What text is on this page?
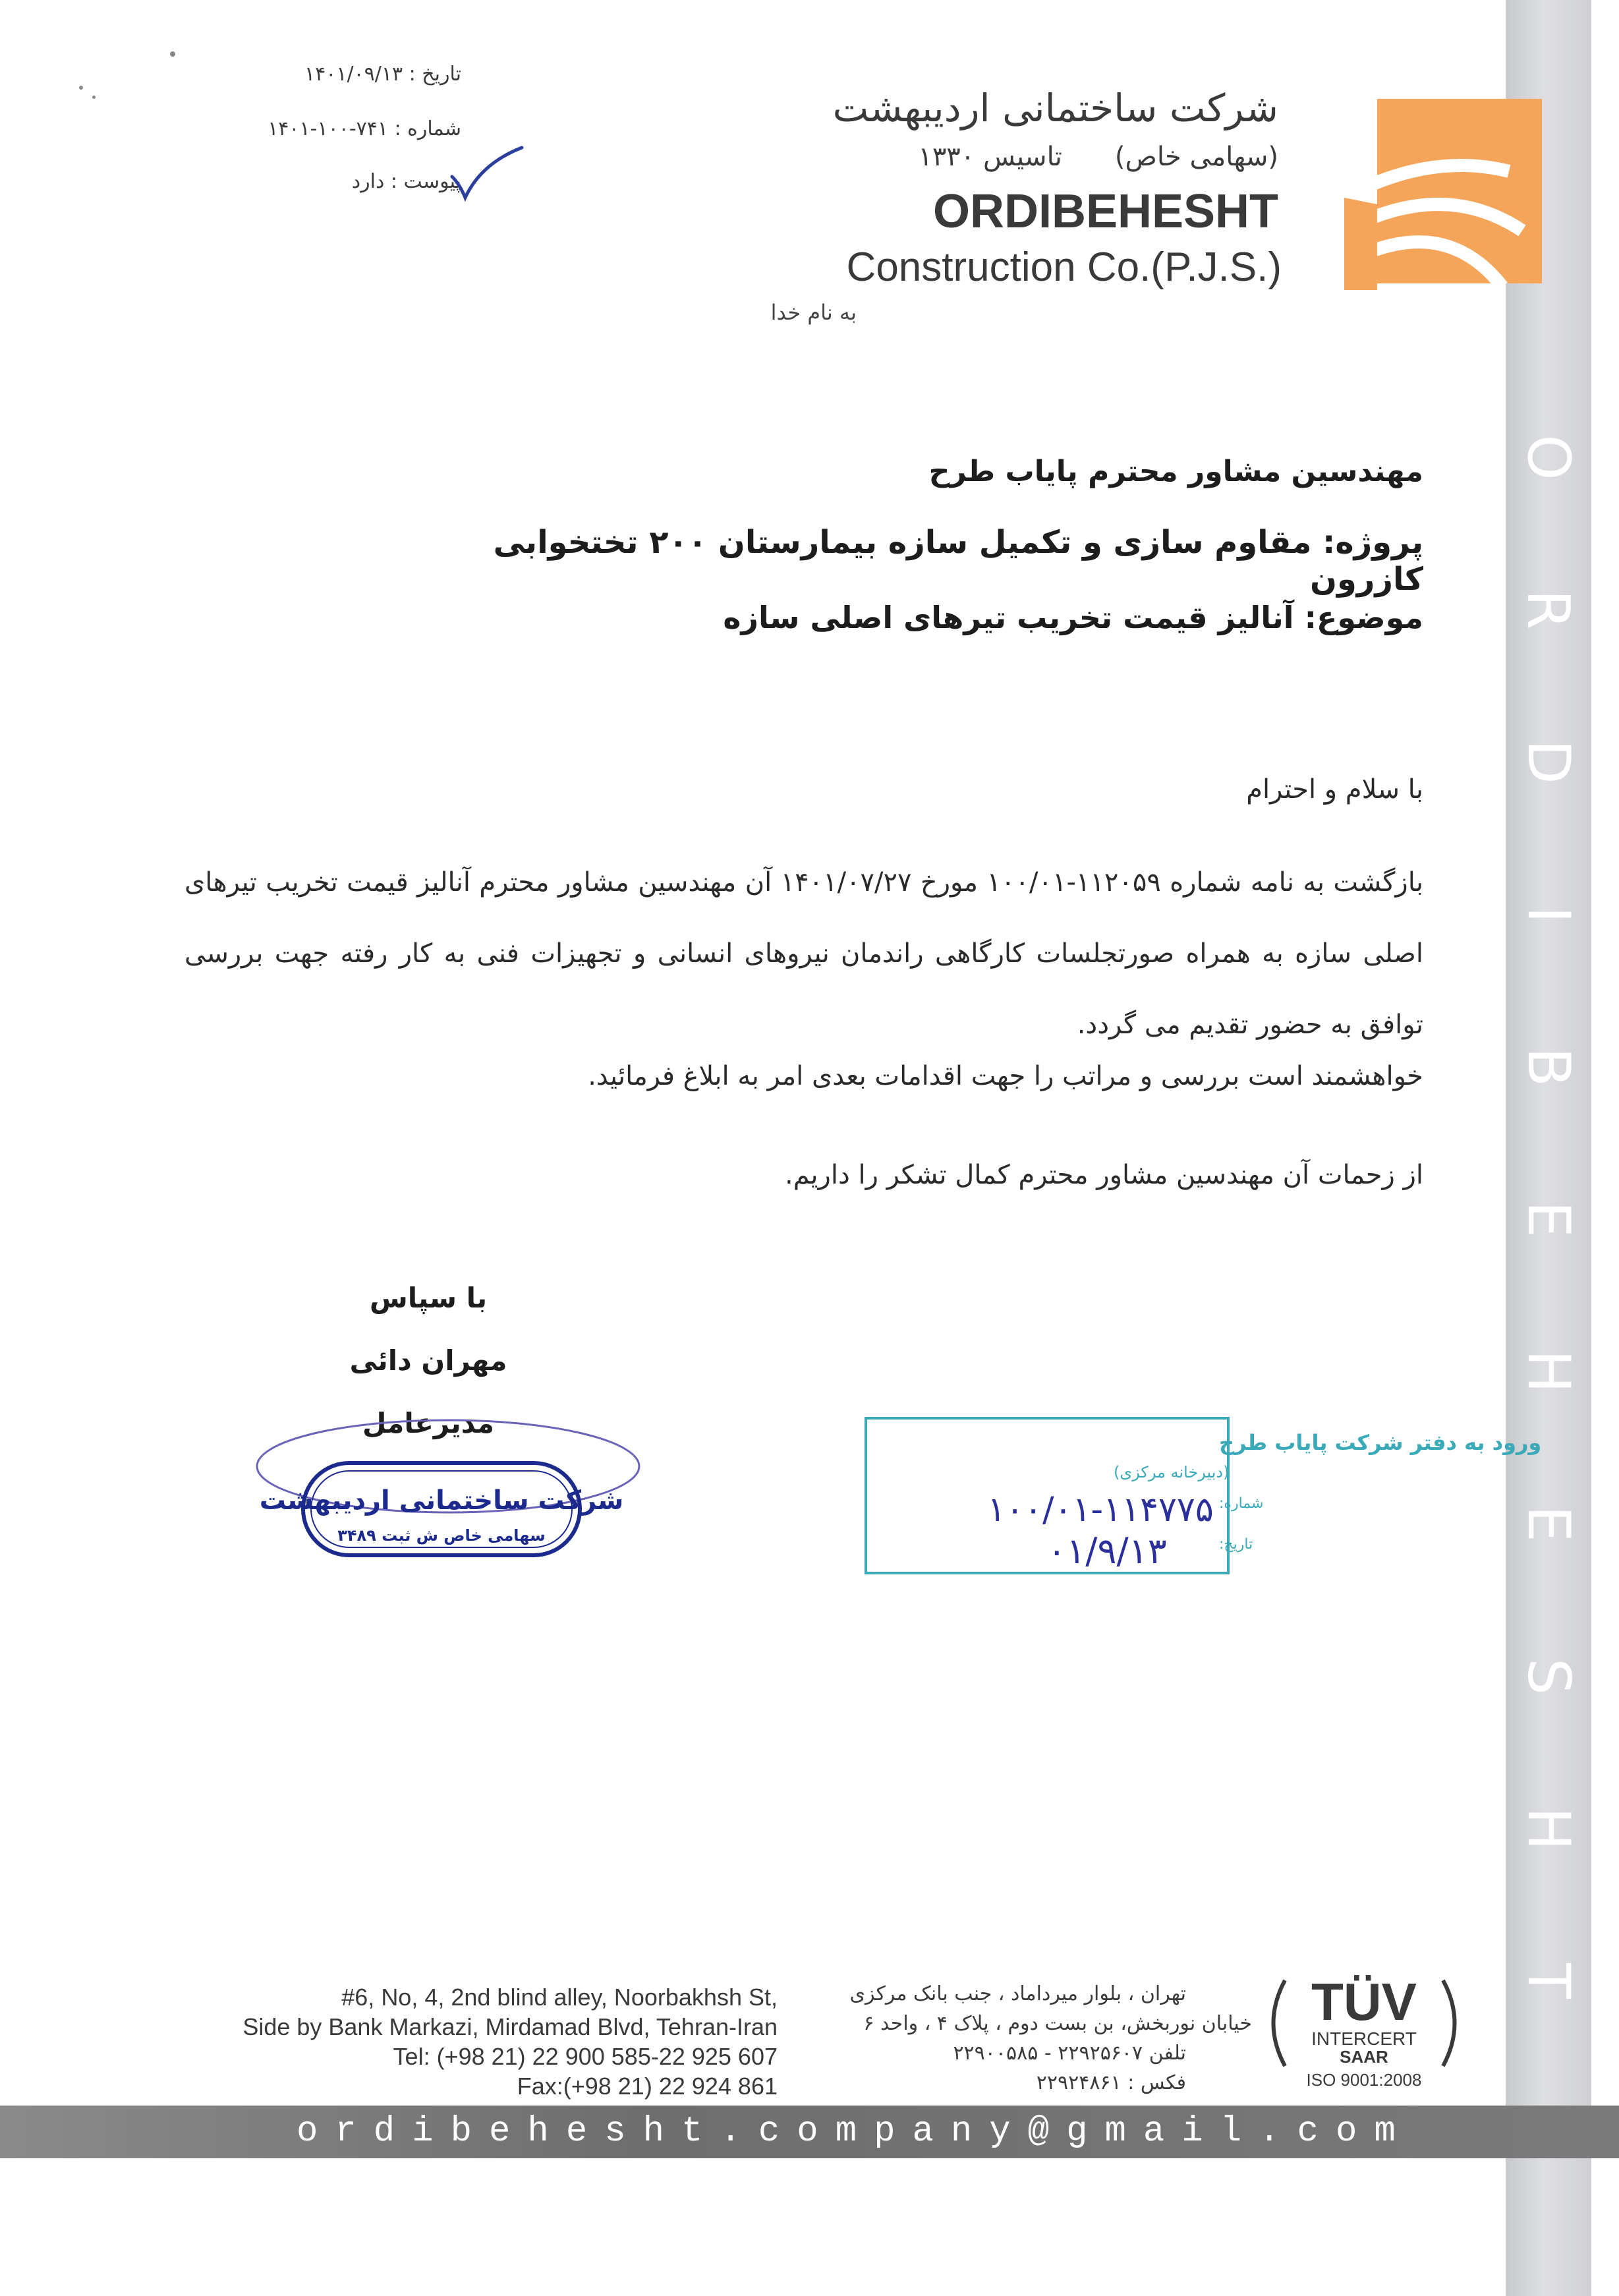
O
R
D
I
B
E
H
E
S
H
T
تاریخ : ۱۴۰۱/۰۹/۱۳
شماره : ۷۴۱-۱۰۰-۱۴۰۱
پیوست : دارد
شرکت ساختمانی اردیبهشت
(سهامی خاص)تاسیس ۱۳۳۰
ORDIBEHESHT
Construction Co.(P.J.S.)
به نام خدا
مهندسین مشاور محترم پایاب طرح
پروژه: مقاوم سازی و تکمیل سازه بیمارستان ۲۰۰ تختخوابی کازرون
موضوع: آنالیز قیمت تخریب تیرهای اصلی سازه
با سلام و احترام
بازگشت به نامه شماره ۱۱۲۰۵۹-۱۰۰/۰۱ مورخ ۱۴۰۱/۰۷/۲۷ آن مهندسین مشاور محترم آنالیز قیمت تخریب تیرهای اصلی سازه به همراه صورتجلسات کارگاهی راندمان نیروهای انسانی و تجهیزات فنی به کار رفته جهت بررسی توافق به حضور تقدیم می گردد.
خواهشمند است بررسی و مراتب را جهت اقدامات بعدی امر به ابلاغ فرمائید.
از زحمات آن مهندسین مشاور محترم کمال تشکر را داریم.
با سپاس
مهران دائی
مدیرعامل
شرکت ساختمانی اردیبهشت
سهامی خاص ش ثبت ۳۴۸۹
ورود به دفتر شرکت پایاب طرح
(دبیرخانه مرکزی)
شماره:
۱۰۰/۰۱-۱۱۴۷۷۵
تاریخ:
۰۱/۹/۱۳
#6, No, 4, 2nd blind alley, Noorbakhsh St,
Side by Bank Markazi, Mirdamad Blvd, Tehran-Iran
Tel: (+98 21) 22 900 585-22 925 607
Fax:(+98 21) 22 924 861
تهران ، بلوار میرداماد ، جنب بانک مرکزی
خیابان نوربخش، بن بست دوم ، پلاک ۴ ، واحد ۶
تلفن ۲۲۹۲۵۶۰۷ - ۲۲۹۰۰۵۸۵
فکس : ۲۲۹۲۴۸۶۱
TÜV
INTERCERT
SAAR
ISO 9001:2008
ordibehesht.company@gmail.com
